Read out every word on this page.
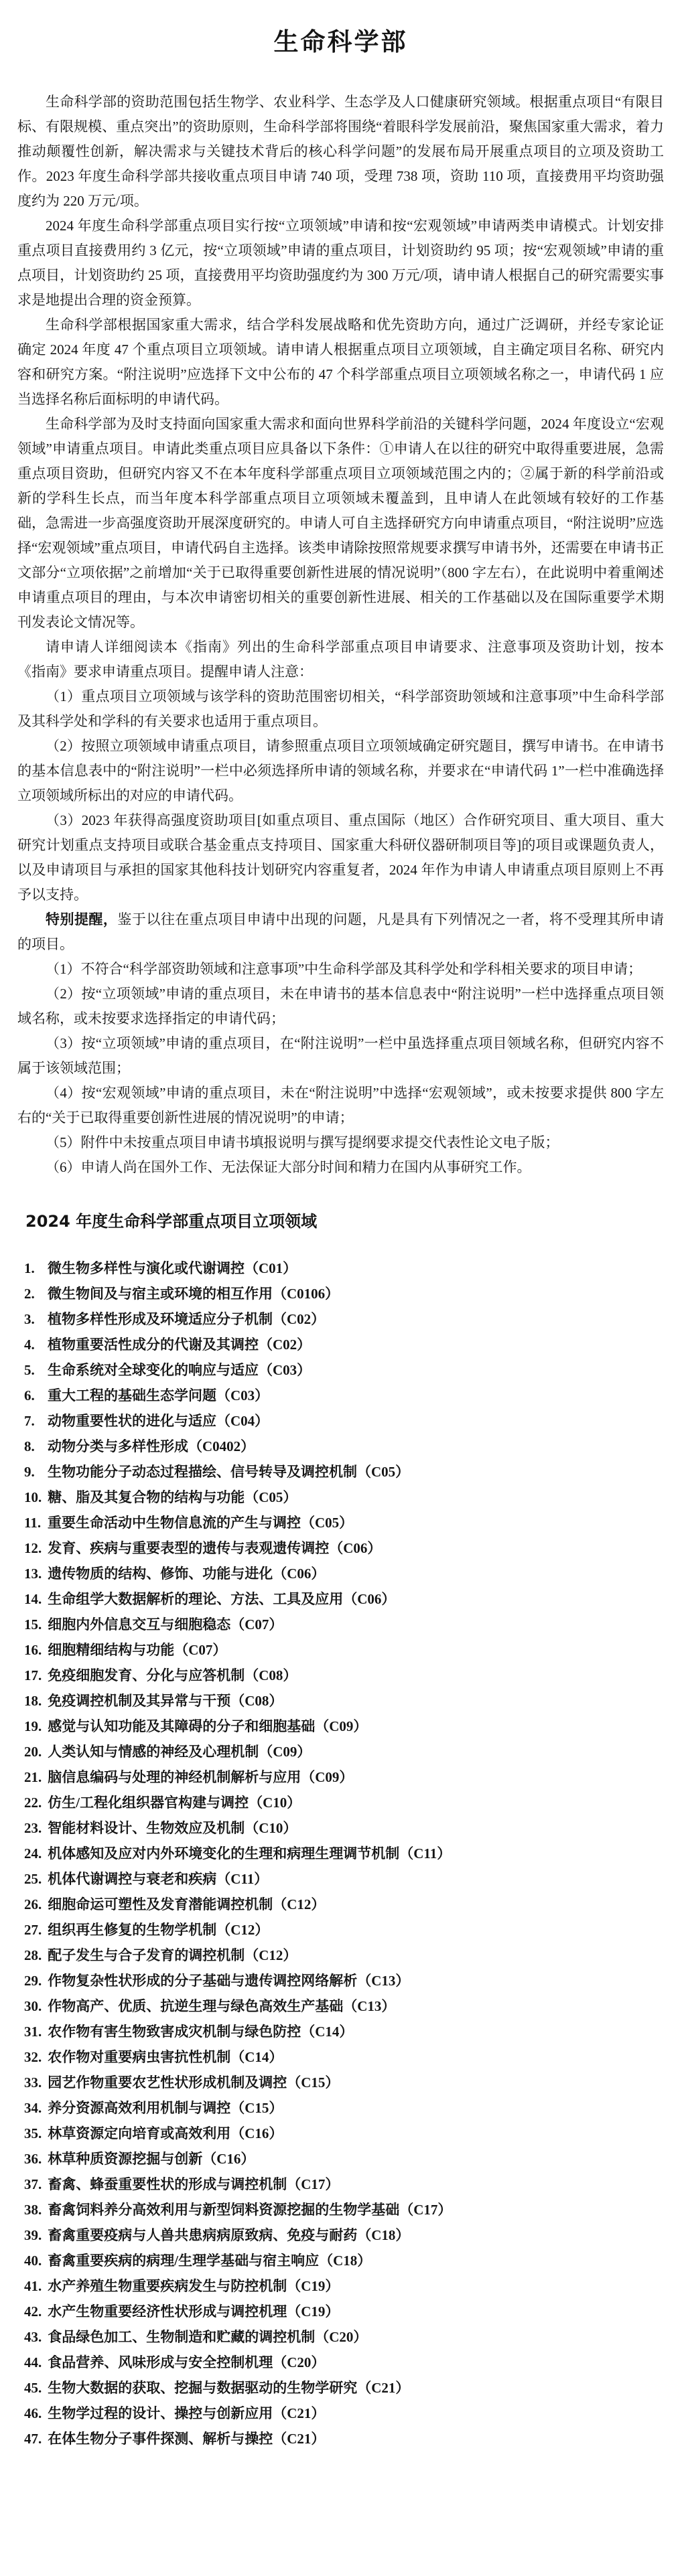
生命科学部

生命科学部的资助范围包括生物学、农业科学、生态学及人口健康研究领域。根据重点项目“有限目标、有限规模、重点突出”的资助原则，生命科学部将围绕“着眼科学发展前沿，聚焦国家重大需求，着力推动颠覆性创新，解决需求与关键技术背后的核心科学问题”的发展布局开展重点项目的立项及资助工作。2023 年度生命科学部共接收重点项目申请 740 项，受理 738 项，资助 110 项，直接费用平均资助强度约为 220 万元/项。

2024 年度生命科学部重点项目实行按“立项领域”申请和按“宏观领域”申请两类申请模式。计划安排重点项目直接费用约 3 亿元，按“立项领域”申请的重点项目，计划资助约 95 项；按“宏观领域”申请的重点项目，计划资助约 25 项，直接费用平均资助强度约为 300 万元/项，请申请人根据自己的研究需要实事求是地提出合理的资金预算。

生命科学部根据国家重大需求，结合学科发展战略和优先资助方向，通过广泛调研，并经专家论证确定 2024 年度 47 个重点项目立项领域。请申请人根据重点项目立项领域，自主确定项目名称、研究内容和研究方案。“附注说明”应选择下文中公布的 47 个科学部重点项目立项领域名称之一，申请代码 1 应当选择名称后面标明的申请代码。

生命科学部为及时支持面向国家重大需求和面向世界科学前沿的关键科学问题，2024 年度设立“宏观领域”申请重点项目。申请此类重点项目应具备以下条件：①申请人在以往的研究中取得重要进展，急需重点项目资助，但研究内容又不在本年度科学部重点项目立项领域范围之内的；②属于新的科学前沿或新的学科生长点，而当年度本科学部重点项目立项领域未覆盖到，且申请人在此领域有较好的工作基础，急需进一步高强度资助开展深度研究的。申请人可自主选择研究方向申请重点项目，“附注说明”应选择“宏观领域”重点项目，申请代码自主选择。该类申请除按照常规要求撰写申请书外，还需要在申请书正文部分“立项依据”之前增加“关于已取得重要创新性进展的情况说明”（800 字左右），在此说明中着重阐述申请重点项目的理由，与本次申请密切相关的重要创新性进展、相关的工作基础以及在国际重要学术期刊发表论文情况等。

请申请人详细阅读本《指南》列出的生命科学部重点项目申请要求、注意事项及资助计划，按本《指南》要求申请重点项目。提醒申请人注意：

（1）重点项目立项领域与该学科的资助范围密切相关，“科学部资助领域和注意事项”中生命科学部及其科学处和学科的有关要求也适用于重点项目。

（2）按照立项领域申请重点项目，请参照重点项目立项领域确定研究题目，撰写申请书。在申请书的基本信息表中的“附注说明”一栏中必须选择所申请的领域名称，并要求在“申请代码 1”一栏中准确选择立项领域所标出的对应的申请代码。

（3）2023 年获得高强度资助项目[如重点项目、重点国际（地区）合作研究项目、重大项目、重大研究计划重点支持项目或联合基金重点支持项目、国家重大科研仪器研制项目等]的项目或课题负责人，以及申请项目与承担的国家其他科技计划研究内容重复者，2024 年作为申请人申请重点项目原则上不再予以支持。

特别提醒，鉴于以往在重点项目申请中出现的问题，凡是具有下列情况之一者，将不受理其所申请的项目。

（1）不符合“科学部资助领域和注意事项”中生命科学部及其科学处和学科相关要求的项目申请；

（2）按“立项领域”申请的重点项目，未在申请书的基本信息表中“附注说明”一栏中选择重点项目领域名称，或未按要求选择指定的申请代码；

（3）按“立项领域”申请的重点项目，在“附注说明”一栏中虽选择重点项目领域名称，但研究内容不属于该领域范围；

（4）按“宏观领域”申请的重点项目，未在“附注说明”中选择“宏观领域”，或未按要求提供 800 字左右的“关于已取得重要创新性进展的情况说明”的申请；

（5）附件中未按重点项目申请书填报说明与撰写提纲要求提交代表性论文电子版；

（6）申请人尚在国外工作、无法保证大部分时间和精力在国内从事研究工作。

2024 年度生命科学部重点项目立项领域
1. 微生物多样性与演化或代谢调控（C01）
2. 微生物间及与宿主或环境的相互作用（C0106）
3. 植物多样性形成及环境适应分子机制（C02）
4. 植物重要活性成分的代谢及其调控（C02）
5. 生命系统对全球变化的响应与适应（C03）
6. 重大工程的基础生态学问题（C03）
7. 动物重要性状的进化与适应（C04）
8. 动物分类与多样性形成（C0402）
9. 生物功能分子动态过程描绘、信号转导及调控机制（C05）
10. 糖、脂及其复合物的结构与功能（C05）
11. 重要生命活动中生物信息流的产生与调控（C05）
12. 发育、疾病与重要表型的遗传与表观遗传调控（C06）
13. 遗传物质的结构、修饰、功能与进化（C06）
14. 生命组学大数据解析的理论、方法、工具及应用（C06）
15. 细胞内外信息交互与细胞稳态（C07）
16. 细胞精细结构与功能（C07）
17. 免疫细胞发育、分化与应答机制（C08）
18. 免疫调控机制及其异常与干预（C08）
19. 感觉与认知功能及其障碍的分子和细胞基础（C09）
20. 人类认知与情感的神经及心理机制（C09）
21. 脑信息编码与处理的神经机制解析与应用（C09）
22. 仿生/工程化组织器官构建与调控（C10）
23. 智能材料设计、生物效应及机制（C10）
24. 机体感知及应对内外环境变化的生理和病理生理调节机制（C11）
25. 机体代谢调控与衰老和疾病（C11）
26. 细胞命运可塑性及发育潜能调控机制（C12）
27. 组织再生修复的生物学机制（C12）
28. 配子发生与合子发育的调控机制（C12）
29. 作物复杂性状形成的分子基础与遗传调控网络解析（C13）
30. 作物高产、优质、抗逆生理与绿色高效生产基础（C13）
31. 农作物有害生物致害成灾机制与绿色防控（C14）
32. 农作物对重要病虫害抗性机制（C14）
33. 园艺作物重要农艺性状形成机制及调控（C15）
34. 养分资源高效利用机制与调控（C15）
35. 林草资源定向培育或高效利用（C16）
36. 林草种质资源挖掘与创新（C16）
37. 畜禽、蜂蚕重要性状的形成与调控机制（C17）
38. 畜禽饲料养分高效利用与新型饲料资源挖掘的生物学基础（C17）
39. 畜禽重要疫病与人兽共患病病原致病、免疫与耐药（C18）
40. 畜禽重要疾病的病理/生理学基础与宿主响应（C18）
41. 水产养殖生物重要疾病发生与防控机制（C19）
42. 水产生物重要经济性状形成与调控机理（C19）
43. 食品绿色加工、生物制造和贮藏的调控机制（C20）
44. 食品营养、风味形成与安全控制机理（C20）
45. 生物大数据的获取、挖掘与数据驱动的生物学研究（C21）
46. 生物学过程的设计、操控与创新应用（C21）
47. 在体生物分子事件探测、解析与操控（C21）
